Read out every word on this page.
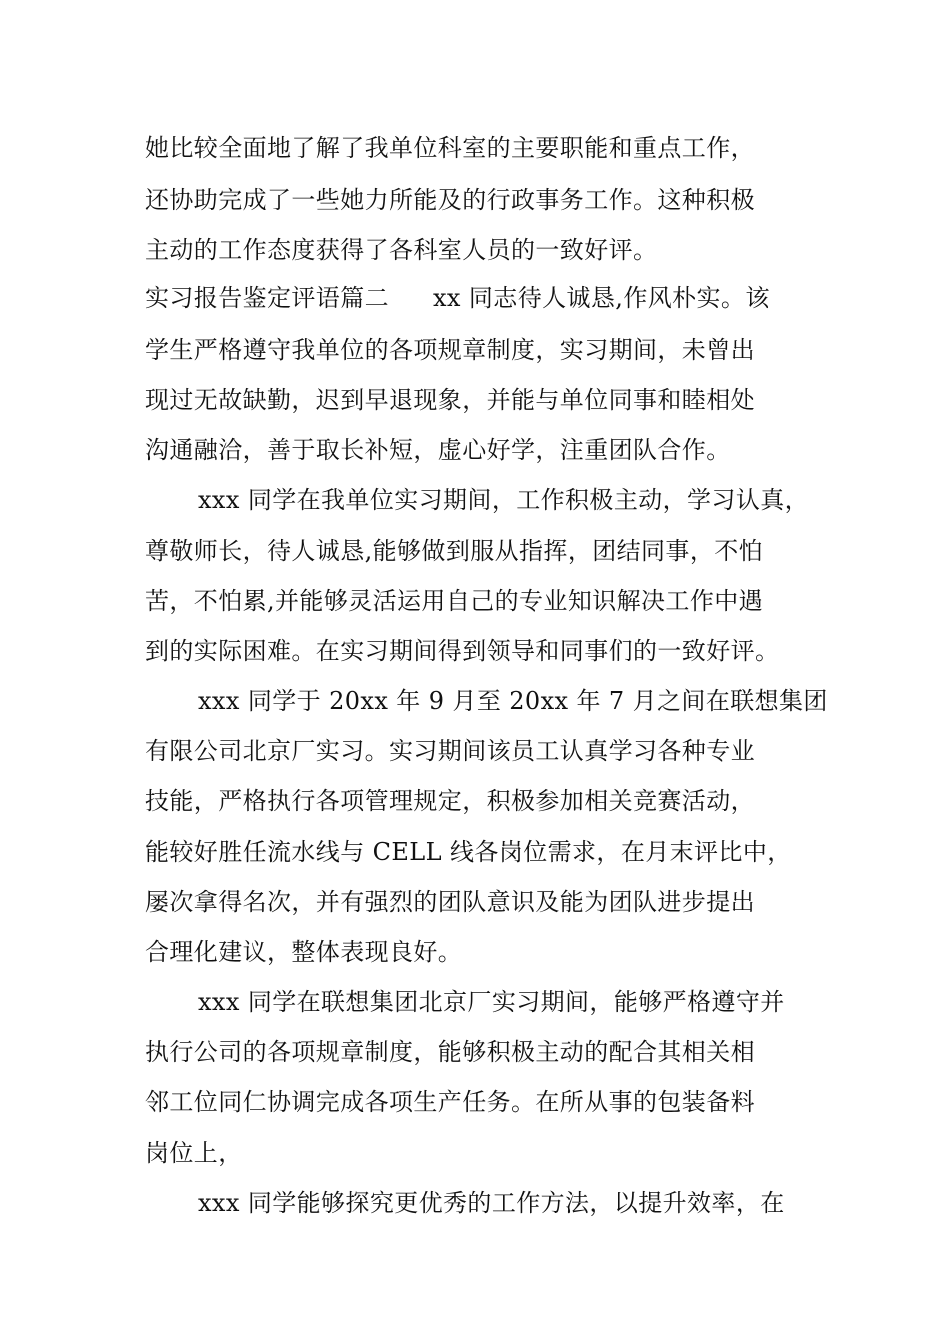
她比较全面地了解了我单位科室的主要职能和重点工作，
还协助完成了一些她力所能及的行政事务工作。这种积极
主动的工作态度获得了各科室人员的一致好评。
实习报告鉴定评语篇二 xx 同志待人诚恳,作风朴实。该
学生严格遵守我单位的各项规章制度，实习期间，未曾出
现过无故缺勤，迟到早退现象，并能与单位同事和睦相处
沟通融洽，善于取长补短，虚心好学，注重团队合作。
xxx 同学在我单位实习期间，工作积极主动，学习认真，
尊敬师长，待人诚恳,能够做到服从指挥，团结同事，不怕
苦，不怕累,并能够灵活运用自己的专业知识解决工作中遇
到的实际困难。在实习期间得到领导和同事们的一致好评。
xxx 同学于 20xx 年 9 月至 20xx 年 7 月之间在联想集团
有限公司北京厂实习。实习期间该员工认真学习各种专业
技能，严格执行各项管理规定，积极参加相关竞赛活动，
能较好胜任流水线与 CELL 线各岗位需求，在月末评比中，
屡次拿得名次，并有强烈的团队意识及能为团队进步提出
合理化建议，整体表现良好。
xxx 同学在联想集团北京厂实习期间，能够严格遵守并
执行公司的各项规章制度，能够积极主动的配合其相关相
邻工位同仁协调完成各项生产任务。在所从事的包装备料
岗位上，
xxx 同学能够探究更优秀的工作方法，以提升效率，在
